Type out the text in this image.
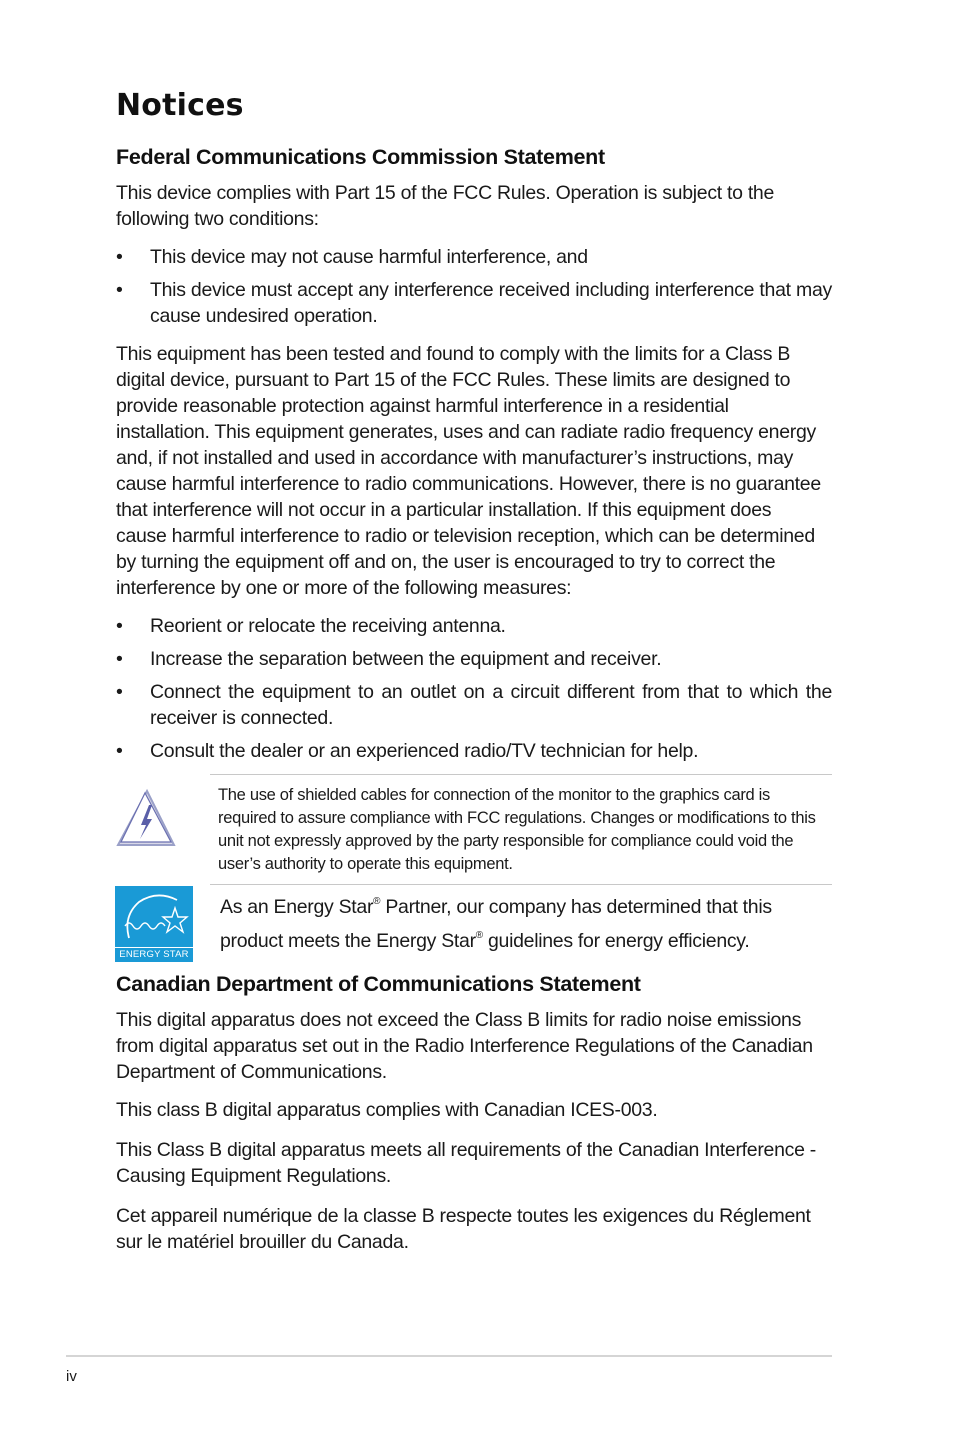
Notices
Federal Communications Commission Statement

This device complies with Part 15 of the FCC Rules. Operation is subject to the following two conditions:

• This device may not cause harmful interference, and
• This device must accept any interference received including interference that may cause undesired operation.

This equipment has been tested and found to comply with the limits for a Class B digital device, pursuant to Part 15 of the FCC Rules. These limits are designed to provide reasonable protection against harmful interference in a residential installation. This equipment generates, uses and can radiate radio frequency energy and, if not installed and used in accordance with manufacturer’s instructions, may cause harmful interference to radio communications. However, there is no guarantee that interference will not occur in a particular installation. If this equipment does cause harmful interference to radio or television reception, which can be determined by turning the equipment off and on, the user is encouraged to try to correct the interference by one or more of the following measures:

• Reorient or relocate the receiving antenna.
• Increase the separation between the equipment and receiver.
• Connect the equipment to an outlet on a circuit different from that to which the receiver is connected.
• Consult the dealer or an experienced radio/TV technician for help.
The use of shielded cables for connection of the monitor to the graphics card is required to assure compliance with FCC regulations. Changes or modifications to this unit not expressly approved by the party responsible for compliance could void the user’s authority to operate this equipment.
ENERGY STAR
As an Energy Star® Partner, our company has determined that this
product meets the Energy Star® guidelines for energy efficiency.
Canadian Department of Communications Statement

This digital apparatus does not exceed the Class B limits for radio noise emissions from digital apparatus set out in the Radio Interference Regulations of the Canadian Department of Communications.

This class B digital apparatus complies with Canadian ICES-003.

This Class B digital apparatus meets all requirements of the Canadian Interference - Causing Equipment Regulations.

Cet appareil numérique de la classe B respecte toutes les exigences du Réglement sur le matériel brouiller du Canada.

iv
